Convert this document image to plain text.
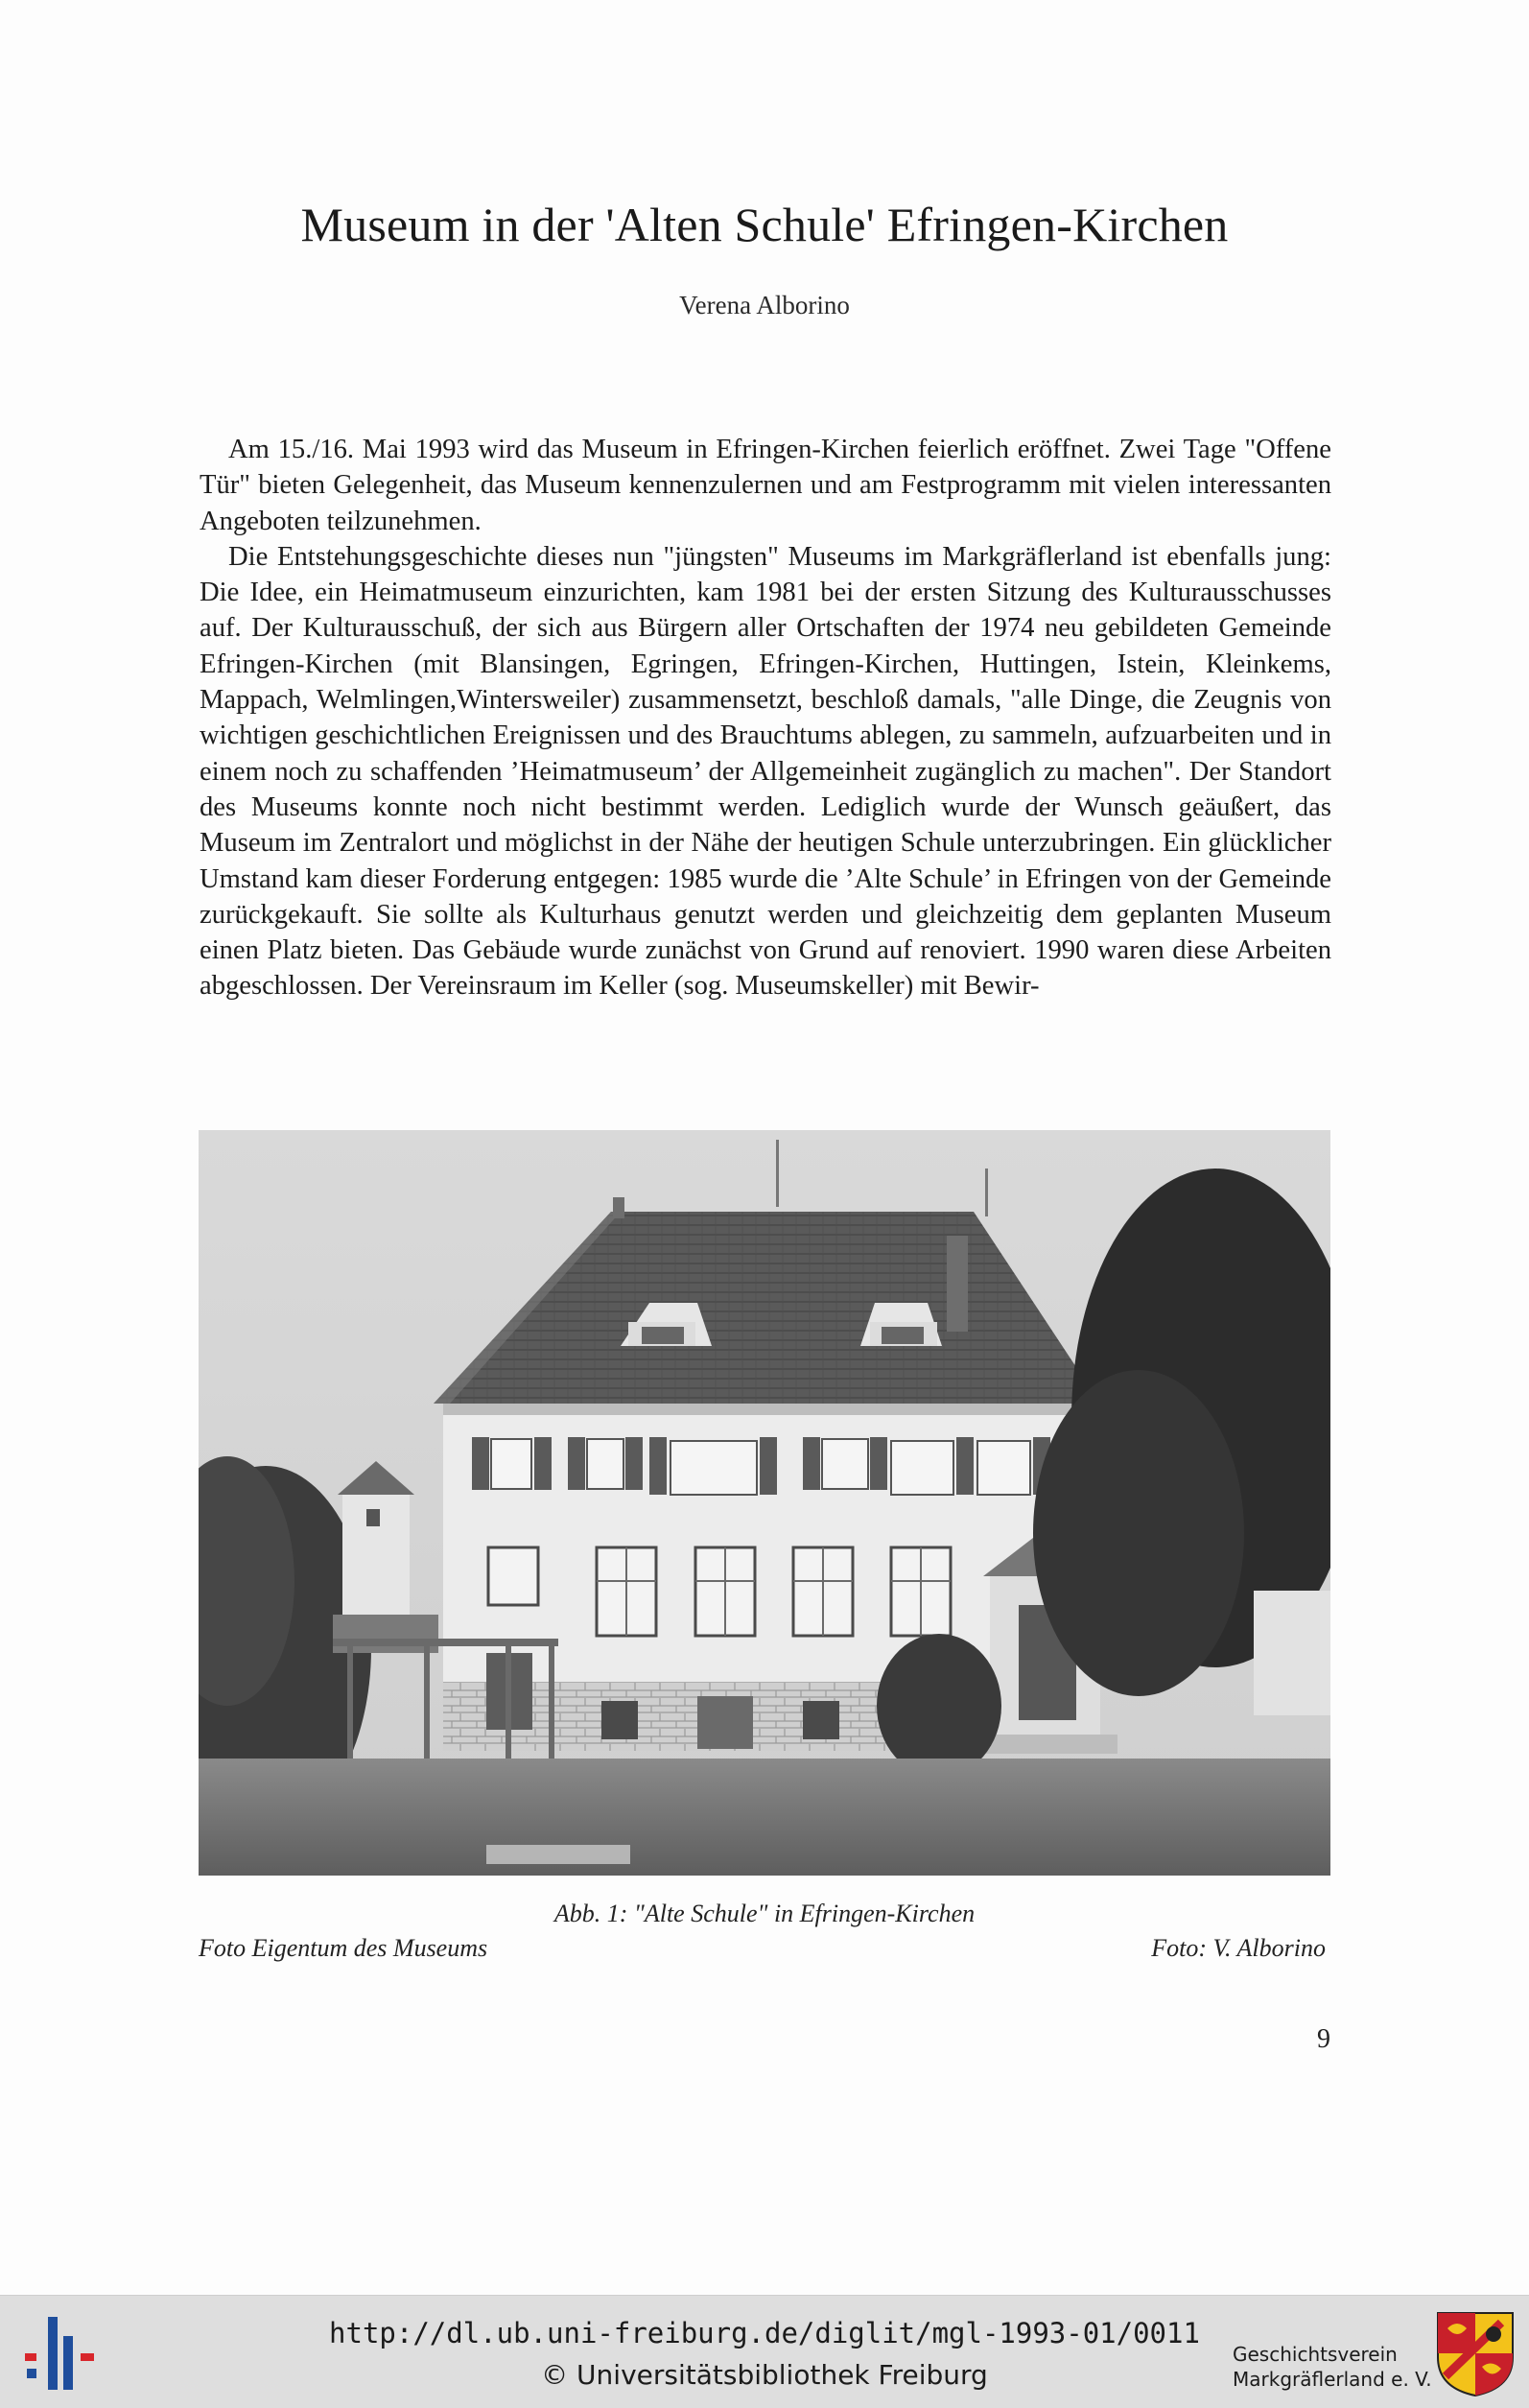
Museum in der 'Alten Schule' Efringen-Kirchen
Verena Alborino

Am 15./16. Mai 1993 wird das Museum in Efringen-Kirchen feierlich eröffnet. Zwei Tage "Offene Tür" bieten Gelegenheit, das Museum kennenzulernen und am Festprogramm mit vielen interessanten Angeboten teilzunehmen.

Die Entstehungsgeschichte dieses nun "jüngsten" Museums im Markgräflerland ist ebenfalls jung: Die Idee, ein Heimatmuseum einzurichten, kam 1981 bei der ersten Sitzung des Kulturausschusses auf. Der Kulturausschuß, der sich aus Bürgern aller Ortschaften der 1974 neu gebildeten Gemeinde Efringen-Kirchen (mit Blansingen, Egringen, Efringen-Kirchen, Huttingen, Istein, Kleinkems, Mappach, Welmlingen,Wintersweiler) zusammensetzt, beschloß damals, "alle Dinge, die Zeugnis von wichtigen geschichtlichen Ereignissen und des Brauchtums ablegen, zu sammeln, aufzuarbeiten und in einem noch zu schaffenden ’Heimatmuseum’ der Allgemeinheit zugänglich zu machen". Der Standort des Museums konnte noch nicht bestimmt werden. Lediglich wurde der Wunsch geäußert, das Museum im Zentralort und möglichst in der Nähe der heutigen Schule unterzubringen. Ein glücklicher Umstand kam dieser Forderung entgegen: 1985 wurde die ’Alte Schule’ in Efringen von der Gemeinde zurückgekauft. Sie sollte als Kulturhaus genutzt werden und gleichzeitig dem geplanten Museum einen Platz bieten. Das Gebäude wurde zunächst von Grund auf renoviert. 1990 waren diese Arbeiten abgeschlossen. Der Vereinsraum im Keller (sog. Museumskeller) mit Bewir-

Abb. 1: "Alte Schule" in Efringen-Kirchen
Foto Eigentum des Museums	Foto: V. Alborino
9
http://dl.ub.uni-freiburg.de/diglit/mgl-1993-01/0011
© Universitätsbibliothek Freiburg
Geschichtsverein
Markgräflerland e. V.
